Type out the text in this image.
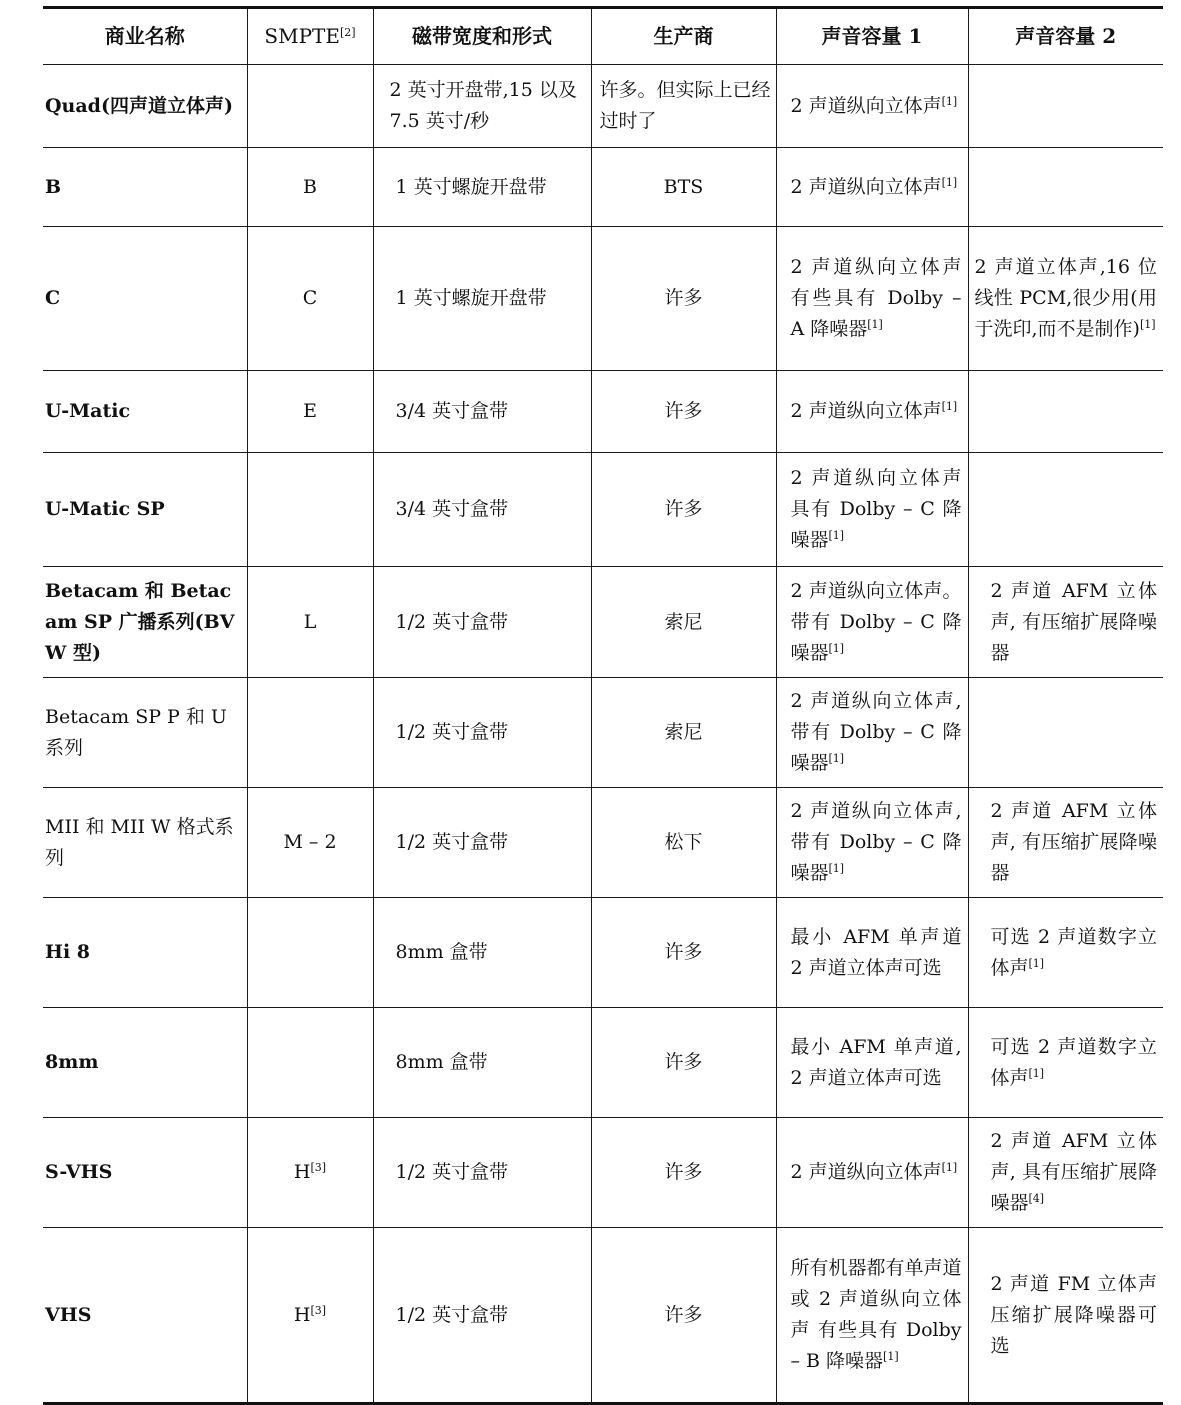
商业名称	SMPTE[2]	磁带宽度和形式	生产商	声音容量 1	声音容量 2
Quad(四声道立体声)		2 英寸开盘带,15 以及 7.5 英寸/秒	许多。但实际上已经过时了	2 声道纵向立体声[1]	
B	B	1 英寸螺旋开盘带	BTS	2 声道纵向立体声[1]	
C	C	1 英寸螺旋开盘带	许多	2 声道纵向立体声 有些具有 Dolby – A 降噪器[1]	2 声道立体声,16 位线性 PCM,很少用(用于洗印,而不是制作)[1]
U-Matic	E	3/4 英寸盒带	许多	2 声道纵向立体声[1]	
U-Matic SP		3/4 英寸盒带	许多	2 声道纵向立体声 具有 Dolby – C 降噪器[1]	
Betacam 和 Betacam SP 广播系列(BVW 型)	L	1/2 英寸盒带	索尼	2 声道纵向立体声。带有 Dolby – C 降噪器[1]	2 声道 AFM 立体声, 有压缩扩展降噪器
Betacam SP P 和 U 系列		1/2 英寸盒带	索尼	2 声道纵向立体声,带有 Dolby – C 降噪器[1]	
MII 和 MII W 格式系列	M – 2	1/2 英寸盒带	松下	2 声道纵向立体声,带有 Dolby – C 降噪器[1]	2 声道 AFM 立体声, 有压缩扩展降噪器
Hi 8		8mm 盒带	许多	最小 AFM 单声道 2 声道立体声可选	可选 2 声道数字立体声[1]
8mm		8mm 盒带	许多	最小 AFM 单声道, 2 声道立体声可选	可选 2 声道数字立体声[1]
S-VHS	H[3]	1/2 英寸盒带	许多	2 声道纵向立体声[1]	2 声道 AFM 立体声, 具有压缩扩展降噪器[4]
VHS	H[3]	1/2 英寸盒带	许多	所有机器都有单声道或 2 声道纵向立体声 有些具有 Dolby – B 降噪器[1]	2 声道 FM 立体声 压缩扩展降噪器可选
